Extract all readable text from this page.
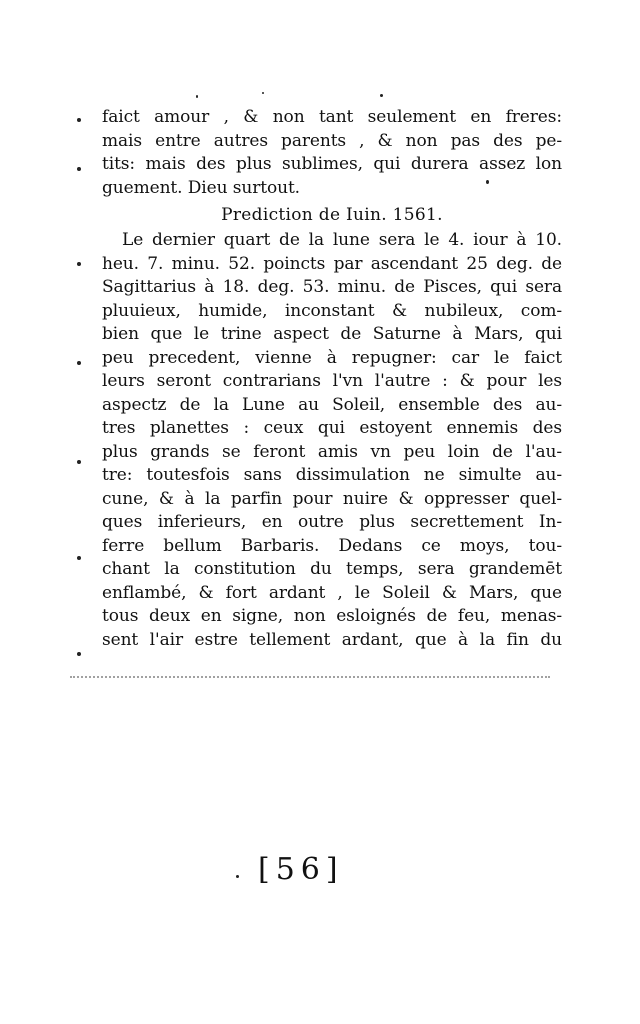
faict amour , & non tant seulement en freres:
mais entre autres parents , & non pas des pe-
tits: mais des plus sublimes, qui durera assez lon
guement. Dieu surtout.
Prediction de Iuin. 1561.
Le dernier quart de la lune sera le 4. iour à 10.
heu. 7. minu. 52. poincts par ascendant 25 deg. de
Sagittarius à 18. deg. 53. minu. de Pisces, qui sera
pluuieux, humide, inconstant & nubileux, com-
bien que le trine aspect de Saturne à Mars, qui
peu precedent, vienne à repugner: car le faict
leurs seront contrarians l'vn l'autre : & pour les
aspectz de la Lune au Soleil, ensemble des au-
tres planettes : ceux qui estoyent ennemis des
plus grands se feront amis vn peu loin de l'au-
tre: toutesfois sans dissimulation ne simulte au-
cune, & à la parfin pour nuire & oppresser quel-
ques inferieurs, en outre plus secrettement In-
ferre bellum Barbaris. Dedans ce moys, tou-
chant la constitution du temps, sera grandemēt
enflambé, & fort ardant , le Soleil & Mars, que
tous deux en signe, non esloignés de feu, menas-
sent l'air estre tellement ardant, que à la fin du
[56]
